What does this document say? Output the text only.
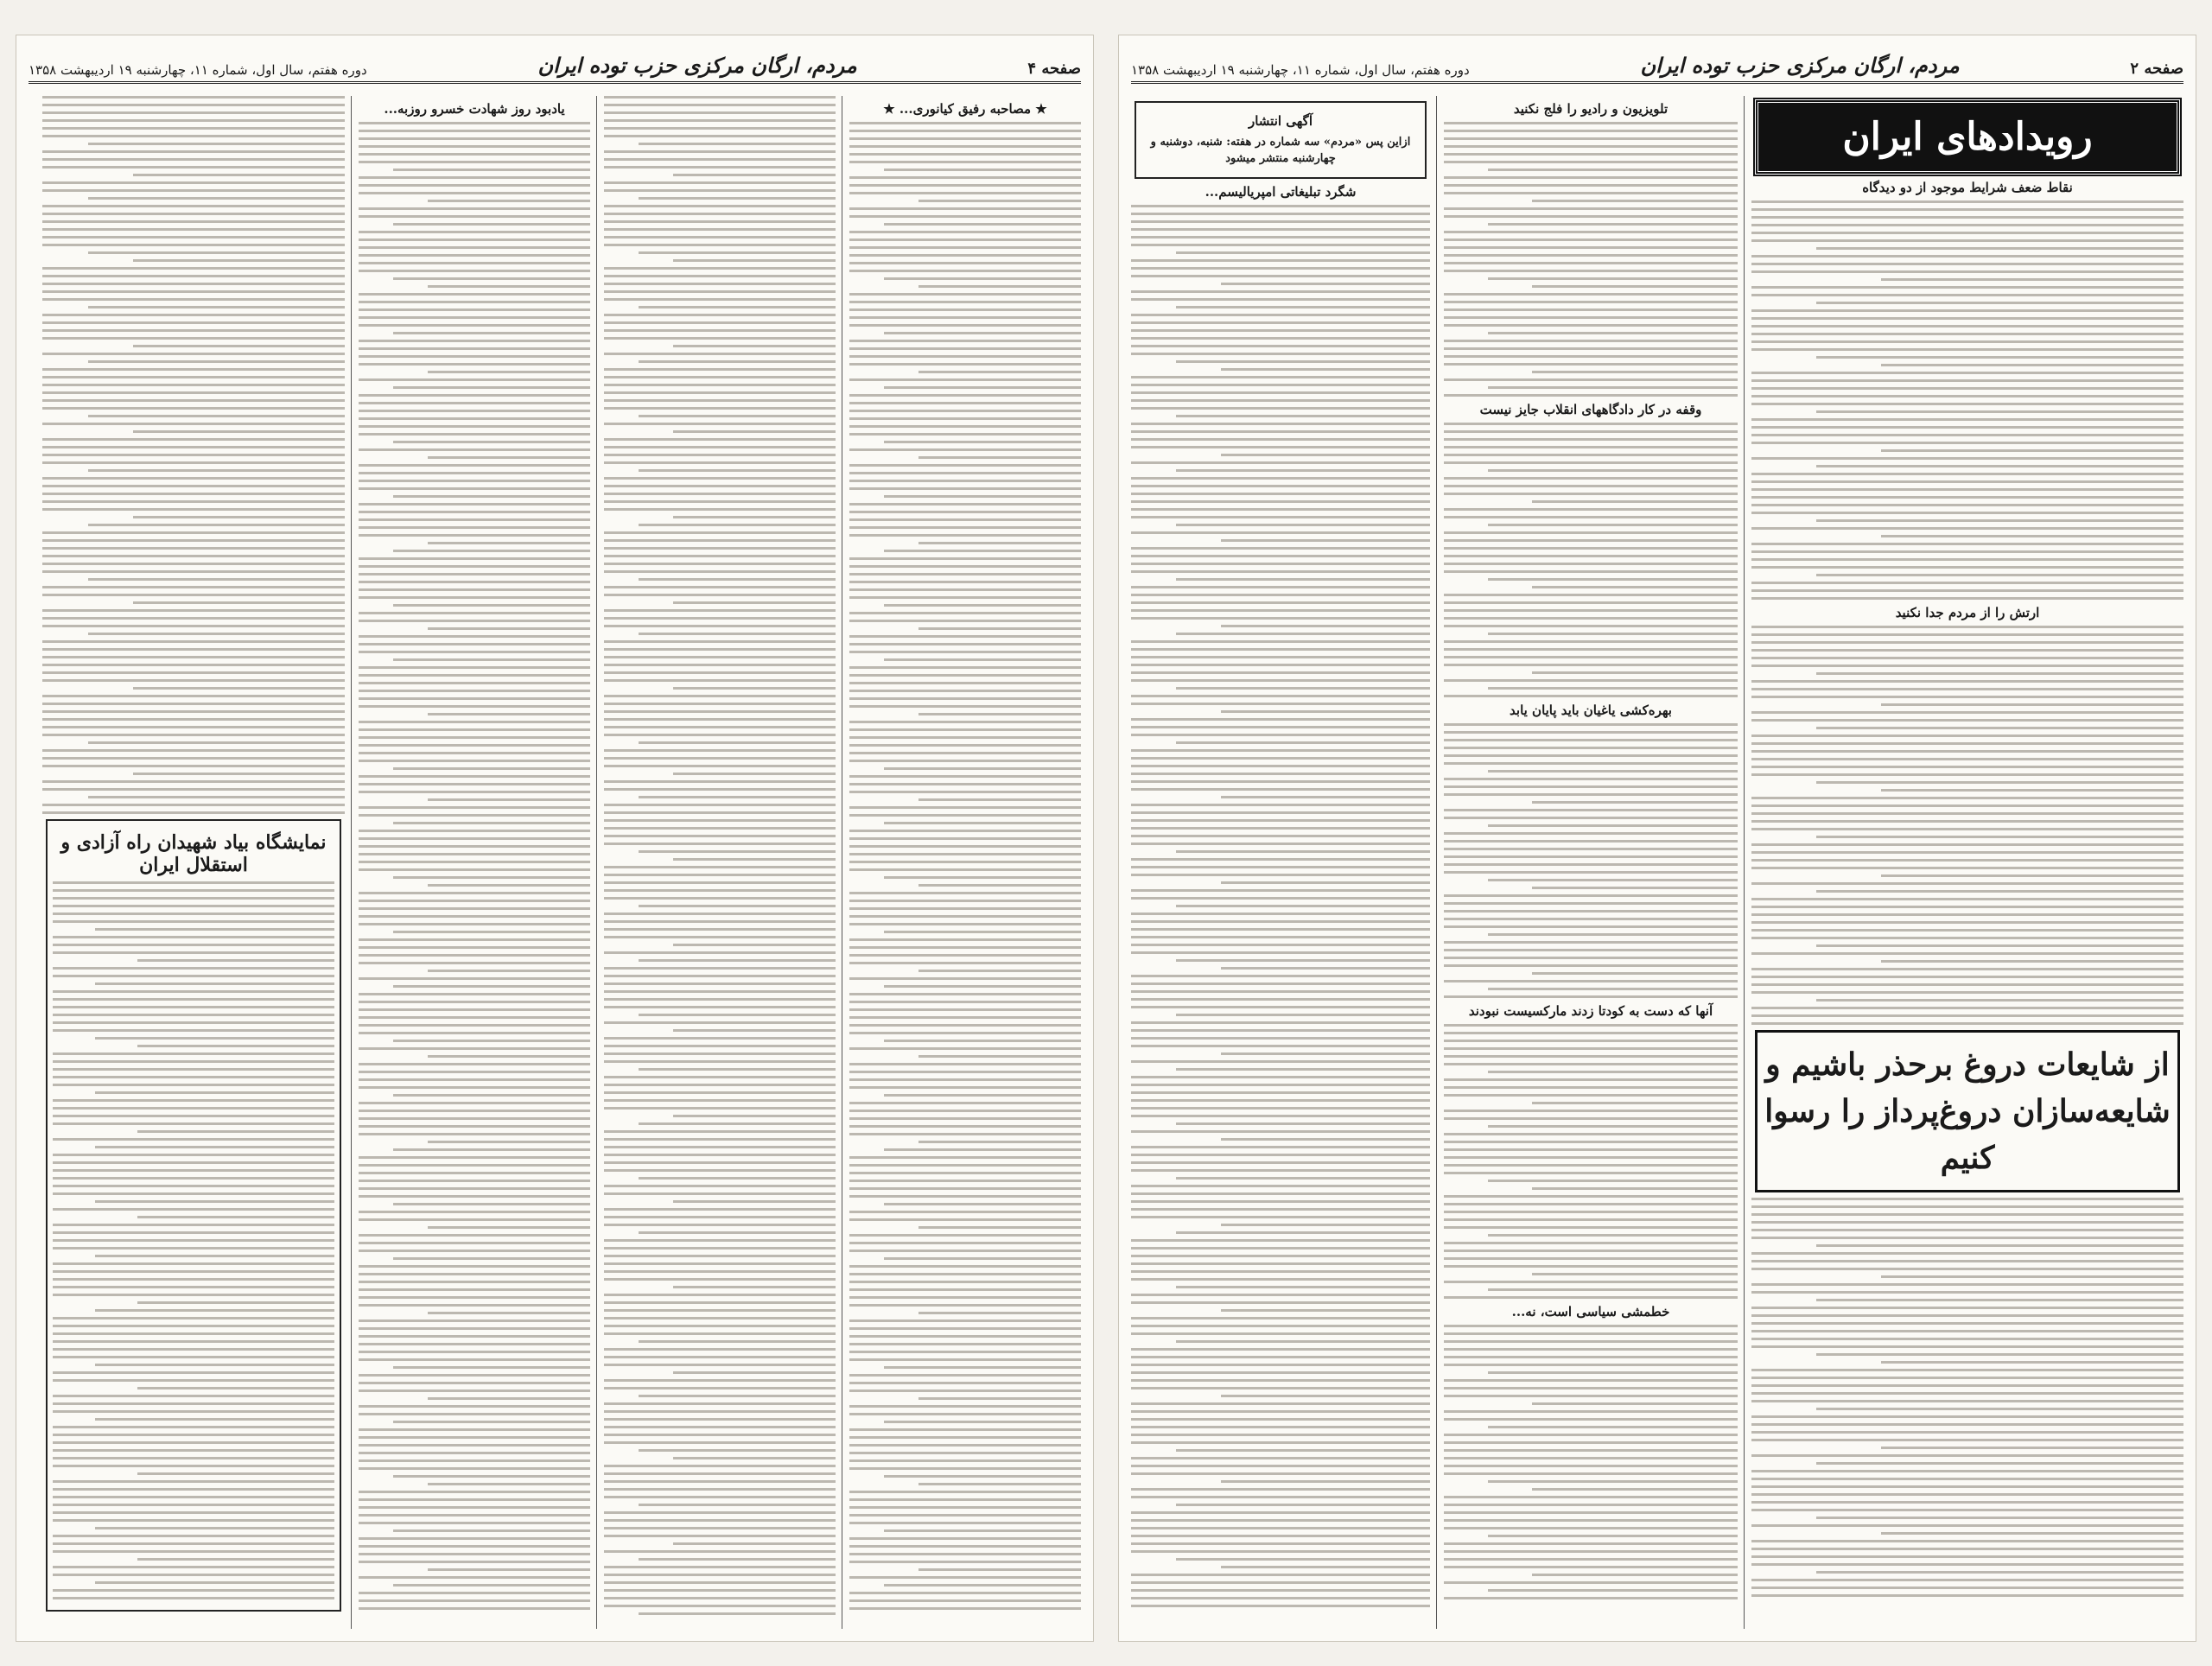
صفحه ۴
مردم، ارگان مرکزی حزب توده ایران
دوره هفتم، سال اول، شماره ۱۱، چهارشنبه ۱۹ اردیبهشت ۱۳۵۸
★ مصاحبه رفیق کیانوری... ★
یادبود روز شهادت خسرو روزبه...
نمایشگاه بیاد شهیدان راه آزادی و استقلال ایران
صفحه ۲
مردم، ارگان مرکزی حزب توده ایران
دوره هفتم، سال اول، شماره ۱۱، چهارشنبه ۱۹ اردیبهشت ۱۳۵۸
رویدادهای ایران
نقاط ضعف شرایط موجود از دو دیدگاه
ارتش را از مردم جدا نکنید
از شایعات دروغ برحذر باشیم و شایعه‌سازان دروغ‌پرداز را رسوا کنیم
تلویزیون و رادیو را فلج نکنید
وقفه در کار دادگاههای انقلاب جایز نیست
بهره‌کشی یاغیان باید پایان یابد
آنها که دست به کودتا زدند مارکسیست نبودند
خطمشی سیاسی است، نه...
آگهی انتشار
ازاین پس «مردم» سه شماره در هفته: شنبه، دوشنبه و چهارشنبه منتشر میشود
شگرد تبلیغاتی امپریالیسم...
